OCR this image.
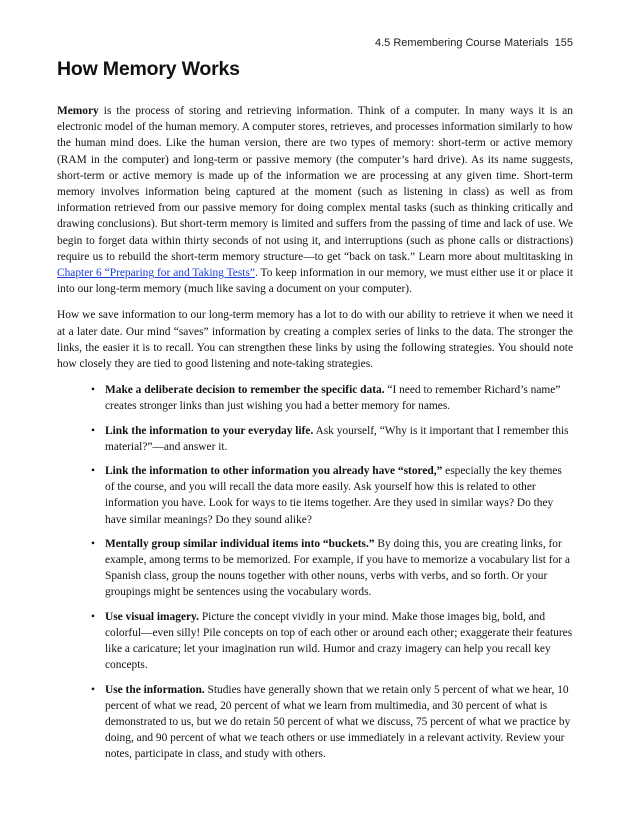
4.5 Remembering Course Materials 155
How Memory Works

Memory is the process of storing and retrieving information. Think of a computer. In many ways it is an electronic model of the human memory. A computer stores, retrieves, and processes information similarly to how the human mind does. Like the human version, there are two types of memory: short-term or active memory (RAM in the computer) and long-term or passive memory (the computer’s hard drive). As its name suggests, short-term or active memory is made up of the information we are processing at any given time. Short-term memory involves information being captured at the moment (such as listening in class) as well as from information retrieved from our passive memory for doing complex mental tasks (such as thinking critically and drawing conclusions). But short-term memory is limited and suffers from the passing of time and lack of use. We begin to forget data within thirty seconds of not using it, and interruptions (such as phone calls or distractions) require us to rebuild the short-term memory structure—to get “back on task.” Learn more about multitasking in Chapter 6 “Preparing for and Taking Tests”. To keep information in our memory, we must either use it or place it into our long-term memory (much like saving a document on your computer).

How we save information to our long-term memory has a lot to do with our ability to retrieve it when we need it at a later date. Our mind “saves” information by creating a complex series of links to the data. The stronger the links, the easier it is to recall. You can strengthen these links by using the following strategies. You should note how closely they are tied to good listening and note-taking strategies.

• Make a deliberate decision to remember the specific data. “I need to remember Richard’s name” creates stronger links than just wishing you had a better memory for names.
• Link the information to your everyday life. Ask yourself, “Why is it important that I remember this material?”—and answer it.
• Link the information to other information you already have “stored,” especially the key themes of the course, and you will recall the data more easily. Ask yourself how this is related to other information you have. Look for ways to tie items together. Are they used in similar ways? Do they have similar meanings? Do they sound alike?
• Mentally group similar individual items into “buckets.” By doing this, you are creating links, for example, among terms to be memorized. For example, if you have to memorize a vocabulary list for a Spanish class, group the nouns together with other nouns, verbs with verbs, and so forth. Or your groupings might be sentences using the vocabulary words.
• Use visual imagery. Picture the concept vividly in your mind. Make those images big, bold, and colorful—even silly! Pile concepts on top of each other or around each other; exaggerate their features like a caricature; let your imagination run wild. Humor and crazy imagery can help you recall key concepts.
• Use the information. Studies have generally shown that we retain only 5 percent of what we hear, 10 percent of what we read, 20 percent of what we learn from multimedia, and 30 percent of what is demonstrated to us, but we do retain 50 percent of what we discuss, 75 percent of what we practice by doing, and 90 percent of what we teach others or use immediately in a relevant activity. Review your notes, participate in class, and study with others.
